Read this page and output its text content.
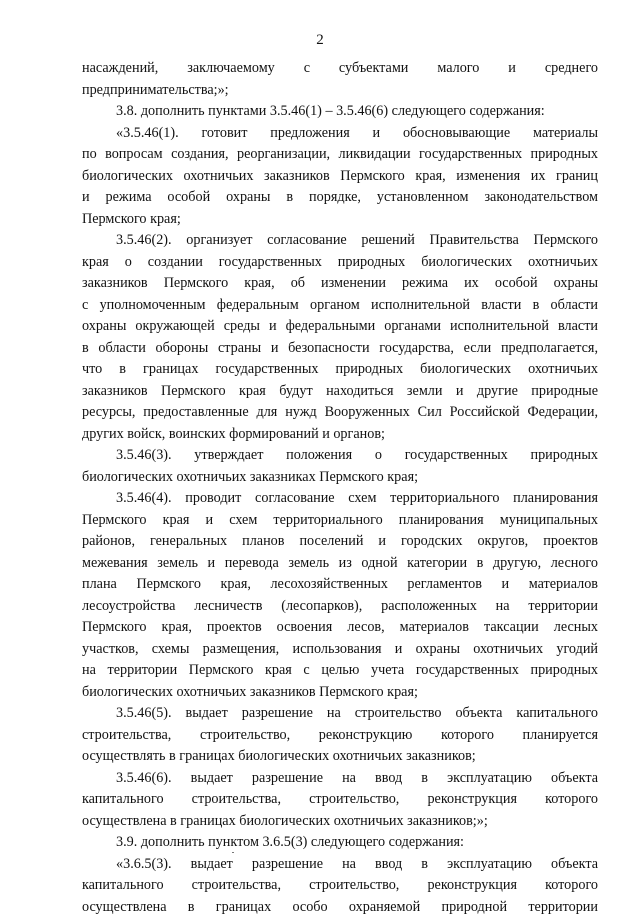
2
насаждений, заключаемому с субъектами малого и среднего
предпринимательства;»;
3.8. дополнить пунктами 3.5.46(1) – 3.5.46(6) следующего содержания:
«3.5.46(1). готовит предложения и обосновывающие материалы
по вопросам создания, реорганизации, ликвидации государственных природных
биологических охотничьих заказников Пермского края, изменения их границ
и режима особой охраны в порядке, установленном законодательством
Пермского края;
3.5.46(2). организует согласование решений Правительства Пермского
края о создании государственных природных биологических охотничьих
заказников Пермского края, об изменении режима их особой охраны
с уполномоченным федеральным органом исполнительной власти в области
охраны окружающей среды и федеральными органами исполнительной власти
в области обороны страны и безопасности государства, если предполагается,
что в границах государственных природных биологических охотничьих
заказников Пермского края будут находиться земли и другие природные
ресурсы, предоставленные для нужд Вооруженных Сил Российской Федерации,
других войск, воинских формирований и органов;
3.5.46(3). утверждает положения о государственных природных
биологических охотничьих заказниках Пермского края;
3.5.46(4). проводит согласование схем территориального планирования
Пермского края и схем территориального планирования муниципальных
районов, генеральных планов поселений и городских округов, проектов
межевания земель и перевода земель из одной категории в другую, лесного
плана Пермского края, лесохозяйственных регламентов и материалов
лесоустройства лесничеств (лесопарков), расположенных на территории
Пермского края, проектов освоения лесов, материалов таксации лесных
участков, схемы размещения, использования и охраны охотничьих угодий
на территории Пермского края с целью учета государственных природных
биологических охотничьих заказников Пермского края;
3.5.46(5). выдает разрешение на строительство объекта капитального
строительства, строительство, реконструкцию которого планируется
осуществлять в границах биологических охотничьих заказников;
3.5.46(6). выдает разрешение на ввод в эксплуатацию объекта
капитального строительства, строительство, реконструкция которого
осуществлена в границах биологических охотничьих заказников;»;
3.9. дополнить пунктом 3.6.5(3) следующего содержания:
«3.6.5(3). выдает разрешение на ввод в эксплуатацию объекта
капитального строительства, строительство, реконструкция которого
осуществлена в границах особо охраняемой природной территории
